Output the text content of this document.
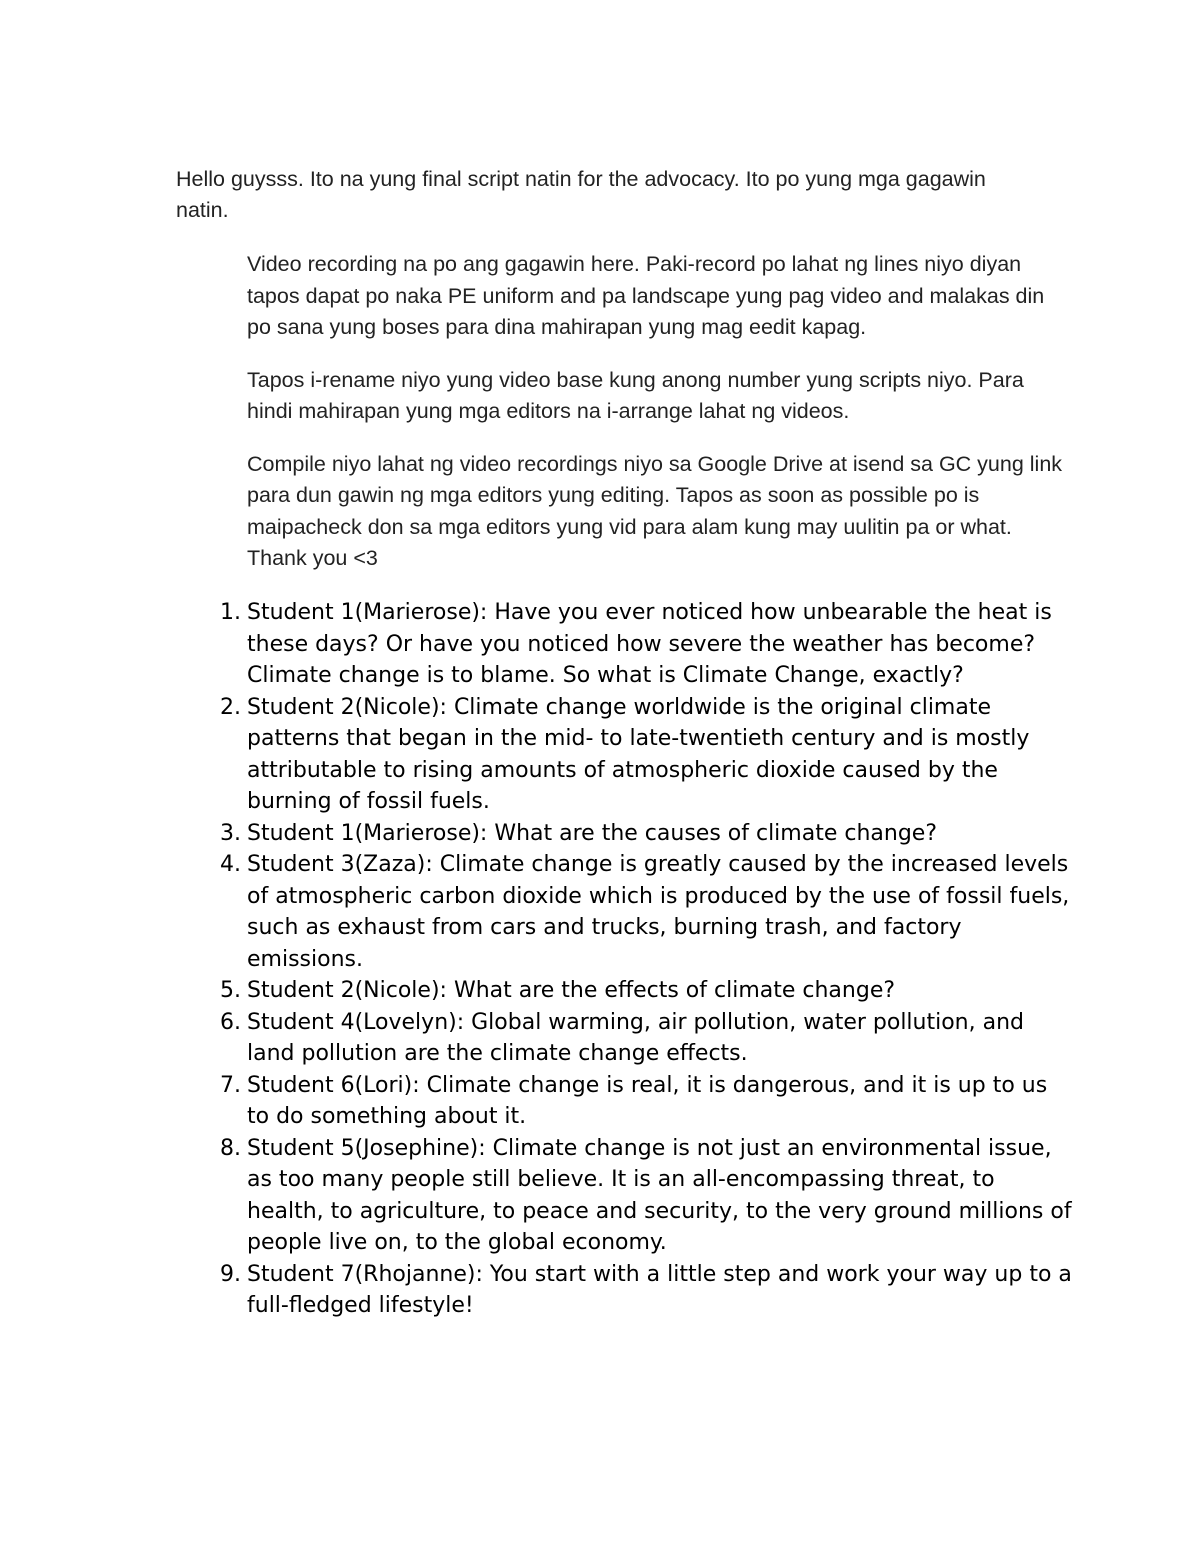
Hello guysss. Ito na yung final script natin for the advocacy. Ito po yung mga gagawin natin.

Video recording na po ang gagawin here. Paki-record po lahat ng lines niyo diyan tapos dapat po naka PE uniform and pa landscape yung pag video and malakas din po sana yung boses para dina mahirapan yung mag eedit kapag.

Tapos i-rename niyo yung video base kung anong number yung scripts niyo. Para hindi mahirapan yung mga editors na i-arrange lahat ng videos.

Compile niyo lahat ng video recordings niyo sa Google Drive at isend sa GC yung link para dun gawin ng mga editors yung editing. Tapos as soon as possible po is maipacheck don sa mga editors yung vid para alam kung may uulitin pa or what. Thank you <3

1. Student 1(Marierose): Have you ever noticed how unbearable the heat is these days? Or have you noticed how severe the weather has become? Climate change is to blame. So what is Climate Change, exactly?
2. Student 2(Nicole): Climate change worldwide is the original climate patterns that began in the mid- to late-twentieth century and is mostly attributable to rising amounts of atmospheric dioxide caused by the burning of fossil fuels.
3. Student 1(Marierose): What are the causes of climate change?
4. Student 3(Zaza): Climate change is greatly caused by the increased levels of atmospheric carbon dioxide which is produced by the use of fossil fuels, such as exhaust from cars and trucks, burning trash, and factory emissions.
5. Student 2(Nicole): What are the effects of climate change?
6. Student 4(Lovelyn): Global warming, air pollution, water pollution, and land pollution are the climate change effects.
7. Student 6(Lori): Climate change is real, it is dangerous, and it is up to us to do something about it.
8. Student 5(Josephine): Climate change is not just an environmental issue, as too many people still believe. It is an all-encompassing threat, to health, to agriculture, to peace and security, to the very ground millions of people live on, to the global economy.
9. Student 7(Rhojanne): You start with a little step and work your way up to a full-fledged lifestyle!
